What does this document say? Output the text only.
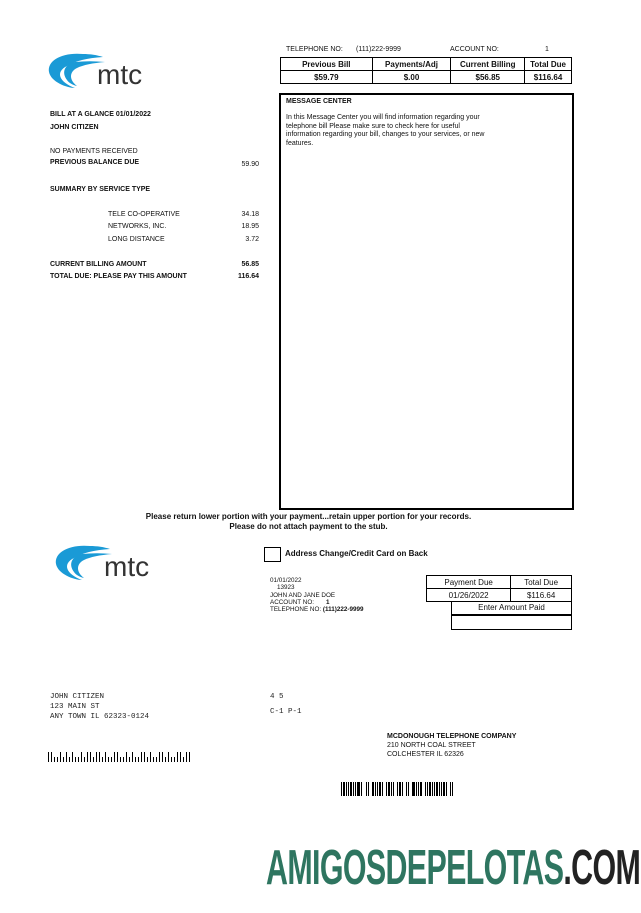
mtc
TELEPHONE NO: (111)222-9999	ACCOUNT NO:	1
Previous Bill	Payments/Adj	Current Billing	Total Due
$59.79	$.00	$56.85	$116.64
BILL AT A GLANCE 01/01/2022
JOHN CITIZEN
NO PAYMENTS RECEIVED
PREVIOUS BALANCE DUE	59.90
SUMMARY BY SERVICE TYPE
TELE CO-OPERATIVE	34.18
NETWORKS, INC.	18.95
LONG DISTANCE	3.72
CURRENT BILLING AMOUNT	56.85
TOTAL DUE: PLEASE PAY THIS AMOUNT	116.64
MESSAGE CENTER
In this Message Center you will find information regarding your
telephone bill Please make sure to check here for useful
information regarding your bill, changes to your services, or new
features.
Please return lower portion with your payment...retain upper portion for your records.
Please do not attach payment to the stub.
mtc	Address Change/Credit Card on Back
01/01/2022
13923
JOHN AND JANE DOE
ACCOUNT NO: 1
TELEPHONE NO: (111)222-9999
Payment Due	Total Due
01/26/2022	$116.64
Enter Amount Paid
JOHN CITIZEN
123 MAIN ST
ANY TOWN IL 62323-0124
4 5
C-1 P-1
MCDONOUGH TELEPHONE COMPANY
210 NORTH COAL STREET
COLCHESTER IL 62326
AMIGOSDEPELOTAS.COM
